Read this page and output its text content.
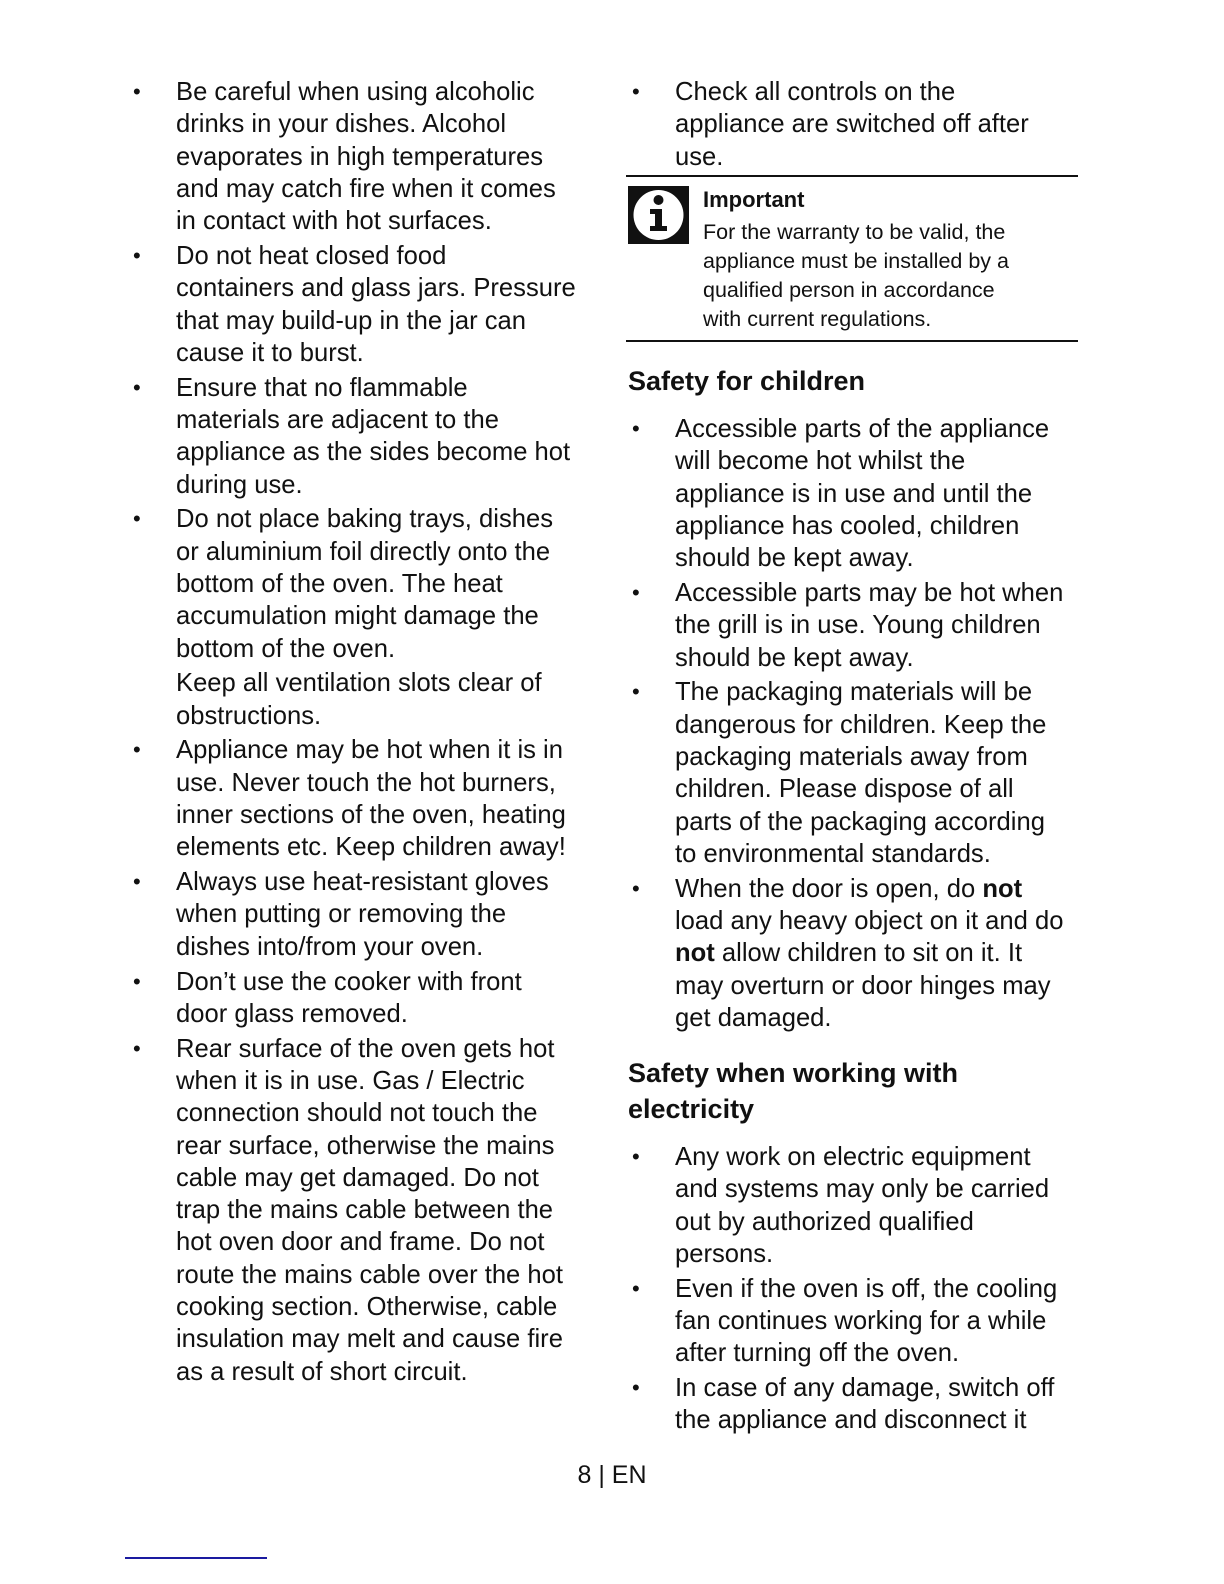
• Be careful when using alcoholic
drinks in your dishes. Alcohol
evaporates in high temperatures
and may catch fire when it comes
in contact with hot surfaces.
• Do not heat closed food
containers and glass jars. Pressure
that may build-up in the jar can
cause it to burst.
• Ensure that no flammable
materials are adjacent to the
appliance as the sides become hot
during use.
• Do not place baking trays, dishes
or aluminium foil directly onto the
bottom of the oven. The heat
accumulation might damage the
bottom of the oven.
Keep all ventilation slots clear of
obstructions.
• Appliance may be hot when it is in
use. Never touch the hot burners,
inner sections of the oven, heating
elements etc. Keep children away!
• Always use heat-resistant gloves
when putting or removing the
dishes into/from your oven.
• Don’t use the cooker with front
door glass removed.
• Rear surface of the oven gets hot
when it is in use. Gas / Electric
connection should not touch the
rear surface, otherwise the mains
cable may get damaged. Do not
trap the mains cable between the
hot oven door and frame. Do not
route the mains cable over the hot
cooking section. Otherwise, cable
insulation may melt and cause fire
as a result of short circuit.
• Check all controls on the
appliance are switched off after
use.
Important
For the warranty to be valid, the
appliance must be installed by a
qualified person in accordance
with current regulations.
Safety for children
• Accessible parts of the appliance
will become hot whilst the
appliance is in use and until the
appliance has cooled, children
should be kept away.
• Accessible parts may be hot when
the grill is in use. Young children
should be kept away.
• The packaging materials will be
dangerous for children. Keep the
packaging materials away from
children. Please dispose of all
parts of the packaging according
to environmental standards.
• When the door is open, do not
load any heavy object on it and do
not allow children to sit on it. It
may overturn or door hinges may
get damaged.
Safety when working with
electricity
• Any work on electric equipment
and systems may only be carried
out by authorized qualified
persons.
• Even if the oven is off, the cooling
fan continues working for a while
after turning off the oven.
• In case of any damage, switch off
the appliance and disconnect it
8 | EN
